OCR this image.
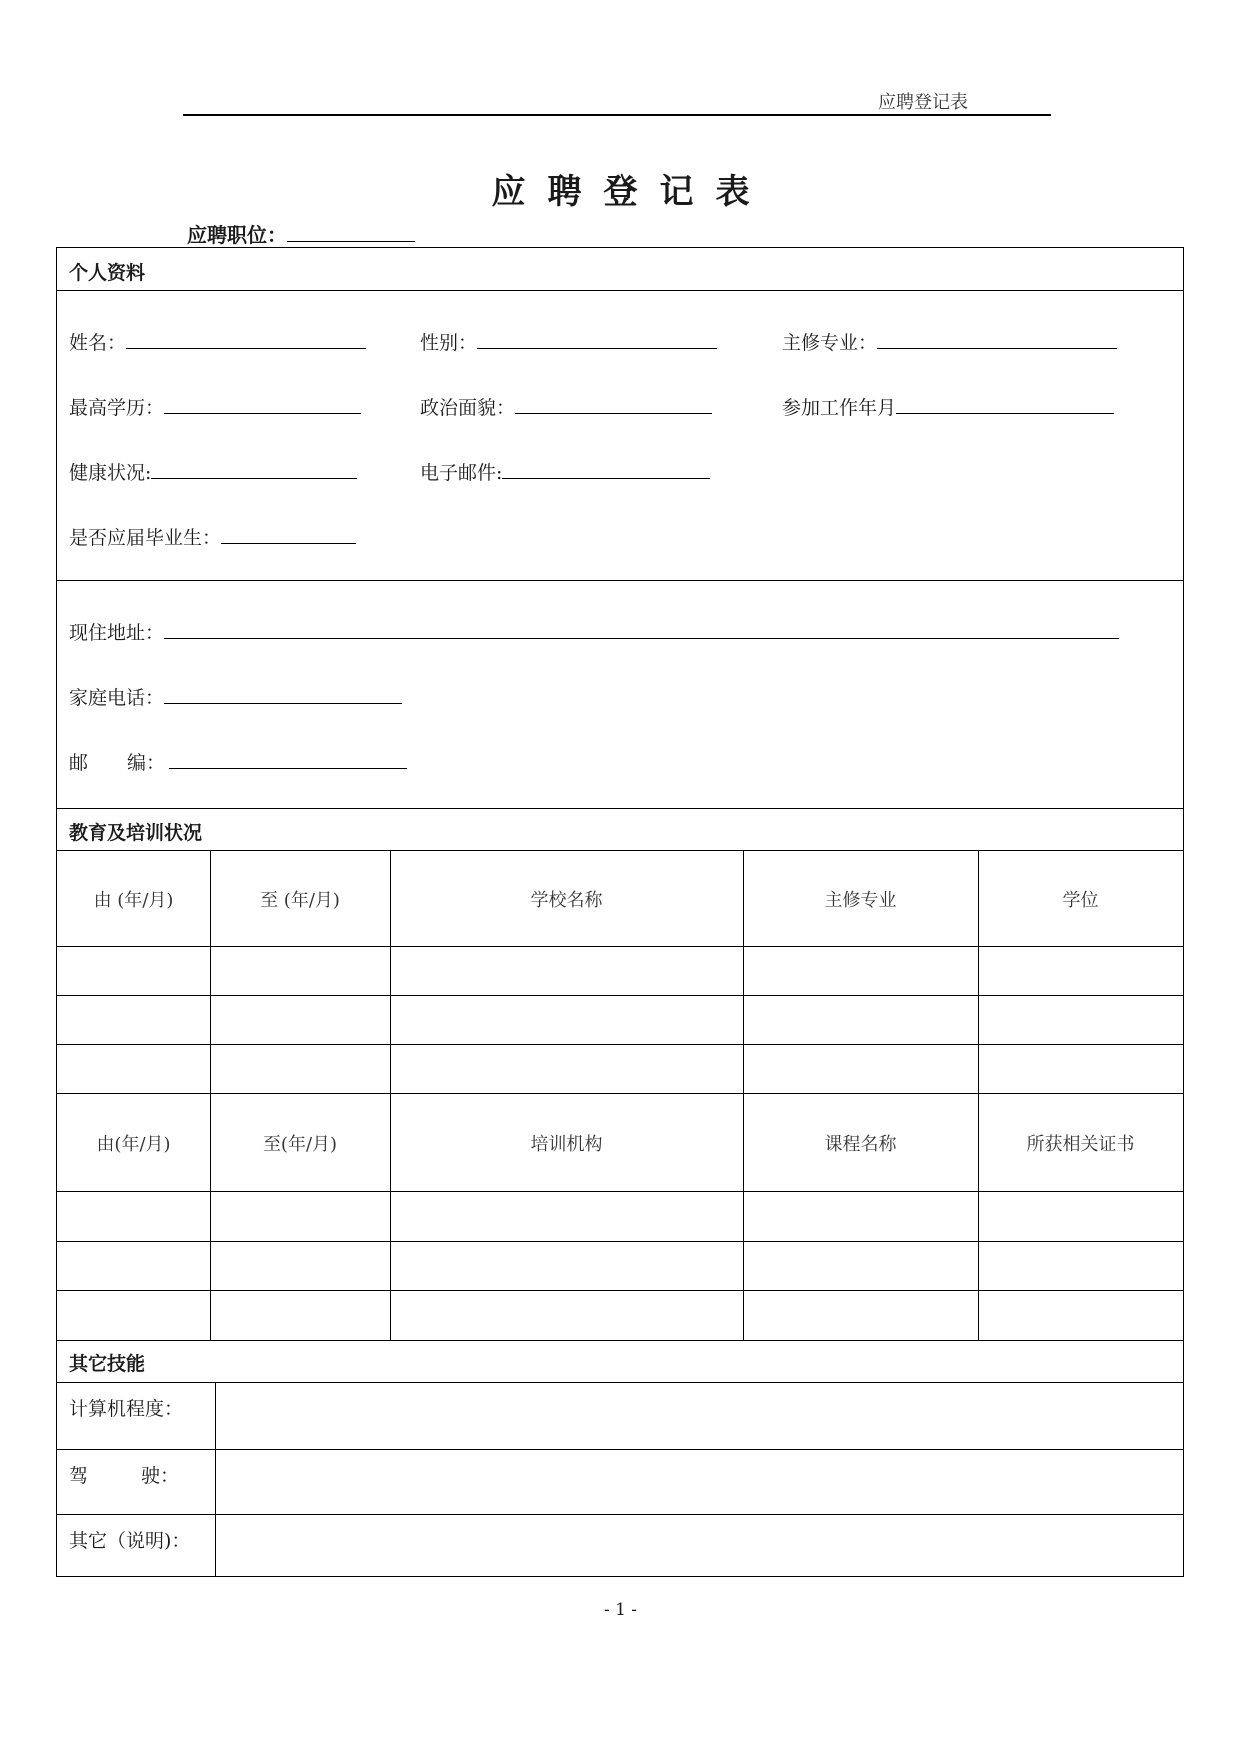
应聘登记表
应聘登记表
应聘职位：
个人资料
姓名：	性别：	主修专业：
最高学历：	政治面貌：	参加工作年月
健康状况:	电子邮件:
是否应届毕业生：
现住地址：
家庭电话：
邮 编：
教育及培训状况
由 (年/月)	至 (年/月)	学校名称	主修专业	学位
由(年/月)	至(年/月)	培训机构	课程名称	所获相关证书
其它技能
计算机程度：
驾	驶：
其它（说明)：
- 1 -
